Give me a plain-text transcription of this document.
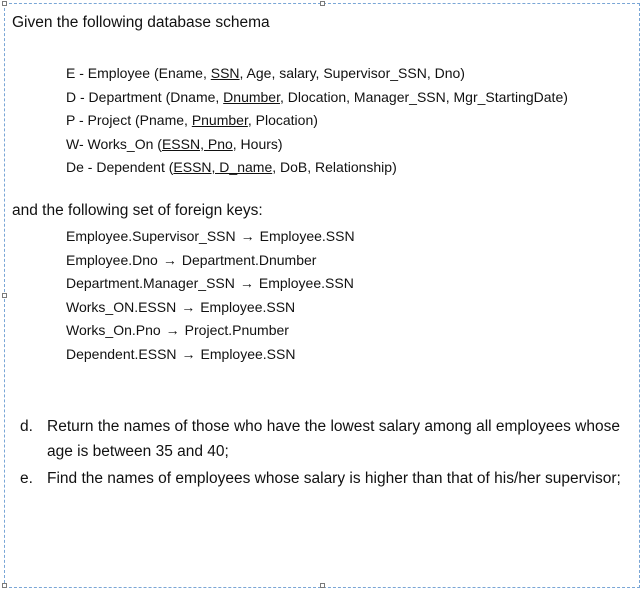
Given the following database schema
E - Employee (Ename, SSN, Age, salary, Supervisor_SSN, Dno)
D - Department (Dname, Dnumber, Dlocation, Manager_SSN, Mgr_StartingDate)
P - Project (Pname, Pnumber, Plocation)
W- Works_On (ESSN, Pno, Hours)
De - Dependent (ESSN, D_name, DoB, Relationship)
and the following set of foreign keys:
Employee.Supervisor_SSN → Employee.SSN
Employee.Dno → Department.Dnumber
Department.Manager_SSN → Employee.SSN
Works_ON.ESSN → Employee.SSN
Works_On.Pno → Project.Pnumber
Dependent.ESSN → Employee.SSN
d. Return the names of those who have the lowest salary among all employees whose age is between 35 and 40;
e. Find the names of employees whose salary is higher than that of his/her supervisor;
